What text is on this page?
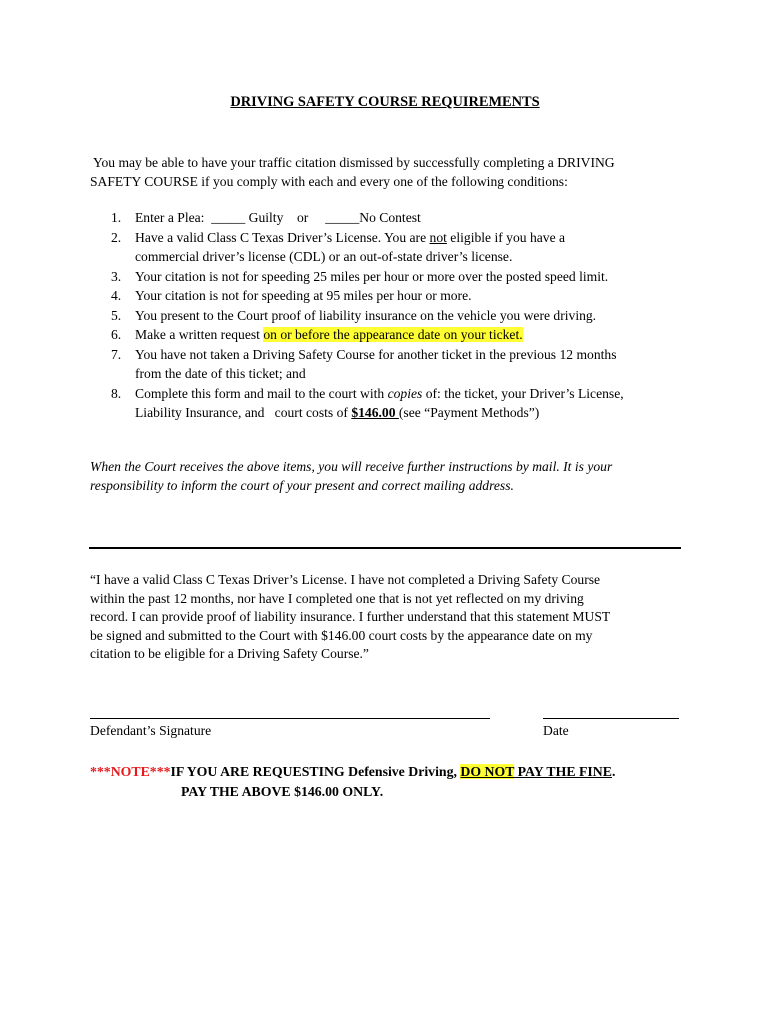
DRIVING SAFETY COURSE REQUIREMENTS
You may be able to have your traffic citation dismissed by successfully completing a DRIVING
SAFETY COURSE if you comply with each and every one of the following conditions:
1. Enter a Plea:  _____ Guilty    or     _____No Contest
2. Have a valid Class C Texas Driver’s License. You are not eligible if you have a
commercial driver’s license (CDL) or an out-of-state driver’s license.
3. Your citation is not for speeding 25 miles per hour or more over the posted speed limit.
4. Your citation is not for speeding at 95 miles per hour or more.
5. You present to the Court proof of liability insurance on the vehicle you were driving.
6. Make a written request on or before the appearance date on your ticket.
7. You have not taken a Driving Safety Course for another ticket in the previous 12 months
from the date of this ticket; and
8. Complete this form and mail to the court with copies of: the ticket, your Driver’s License,
Liability Insurance, and   court costs of $146.00 (see “Payment Methods”)
When the Court receives the above items, you will receive further instructions by mail. It is your
responsibility to inform the court of your present and correct mailing address.
“I have a valid Class C Texas Driver’s License. I have not completed a Driving Safety Course
within the past 12 months, nor have I completed one that is not yet reflected on my driving
record. I can provide proof of liability insurance. I further understand that this statement MUST
be signed and submitted to the Court with $146.00 court costs by the appearance date on my
citation to be eligible for a Driving Safety Course.”
Defendant’s Signature	Date
***NOTE***IF YOU ARE REQUESTING Defensive Driving, DO NOT PAY THE FINE.
PAY THE ABOVE $146.00 ONLY.
